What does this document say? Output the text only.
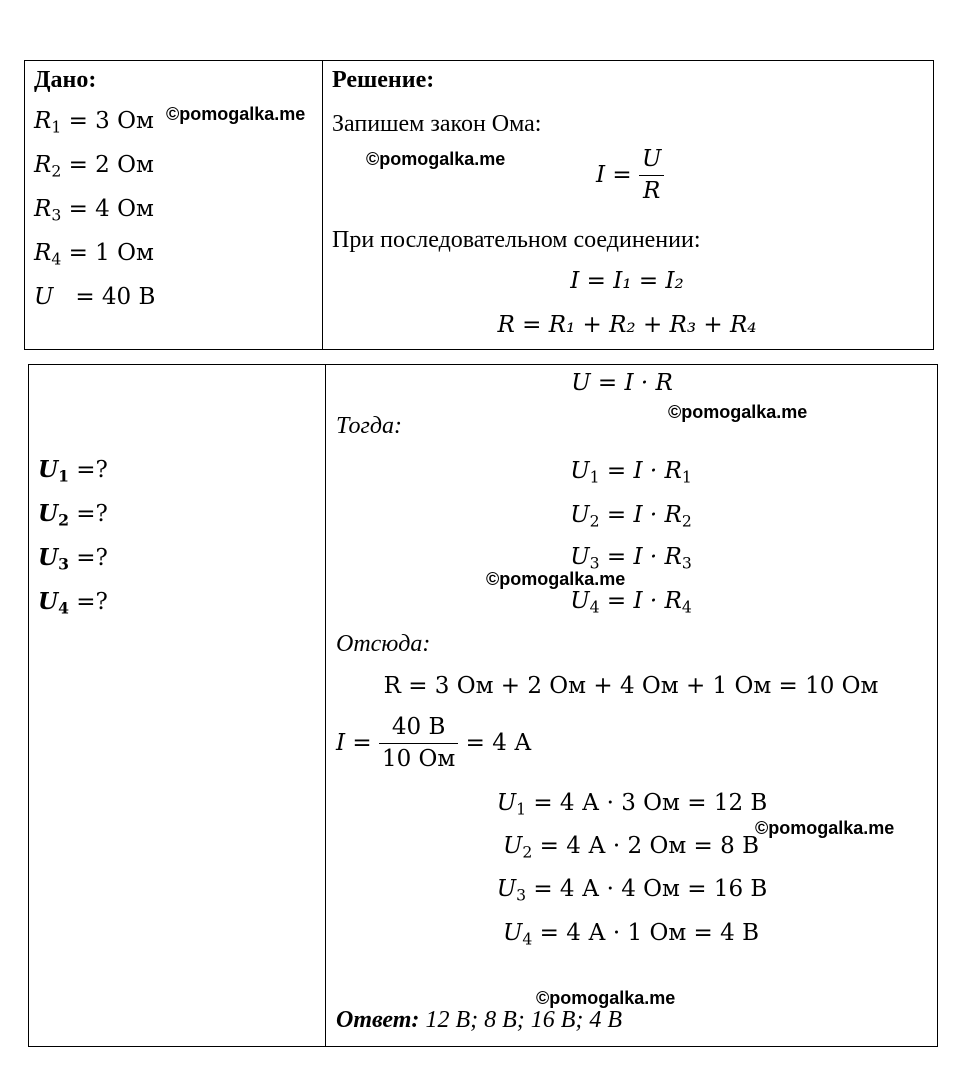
Дано:
$R_1 = 3$ Ом
$R_2 = 2$ Ом
$R_3 = 4$ Ом
$R_4 = 1$ Ом
U   = 40 В
$U_1$ =?
$U_2$ =?
$U_3$ =?
$U_4$ =?
Решение:
Запишем закон Ома:
$I = \frac{U}{R}$
При последовательном соединении:
I = I₁ = I₂
R = R₁ + R₂ + R₃ + R₄
U = I · R
Тогда:
$U_1 = I \cdot R_1$
$U_2 = I \cdot R_2$
$U_3 = I \cdot R_3$
$U_4 = I \cdot R_4$
Отсюда:
R = 3 Ом + 2 Ом + 4 Ом + 1 Ом = 10 Ом
$I = \frac{40 В}{10 Ом} = 4$ А
$U_1 = 4$ А · 3 Ом = 12 В
$U_2 = 4$ А · 2 Ом = 8 В
$U_3 = 4$ А · 4 Ом = 16 В
$U_4 = 4$ А · 1 Ом = 4 В
Ответ: 12 В; 8 В; 16 В; 4 В
©pomogalka.me
©pomogalka.me
©pomogalka.me
©pomogalka.me
©pomogalka.me
©pomogalka.me
